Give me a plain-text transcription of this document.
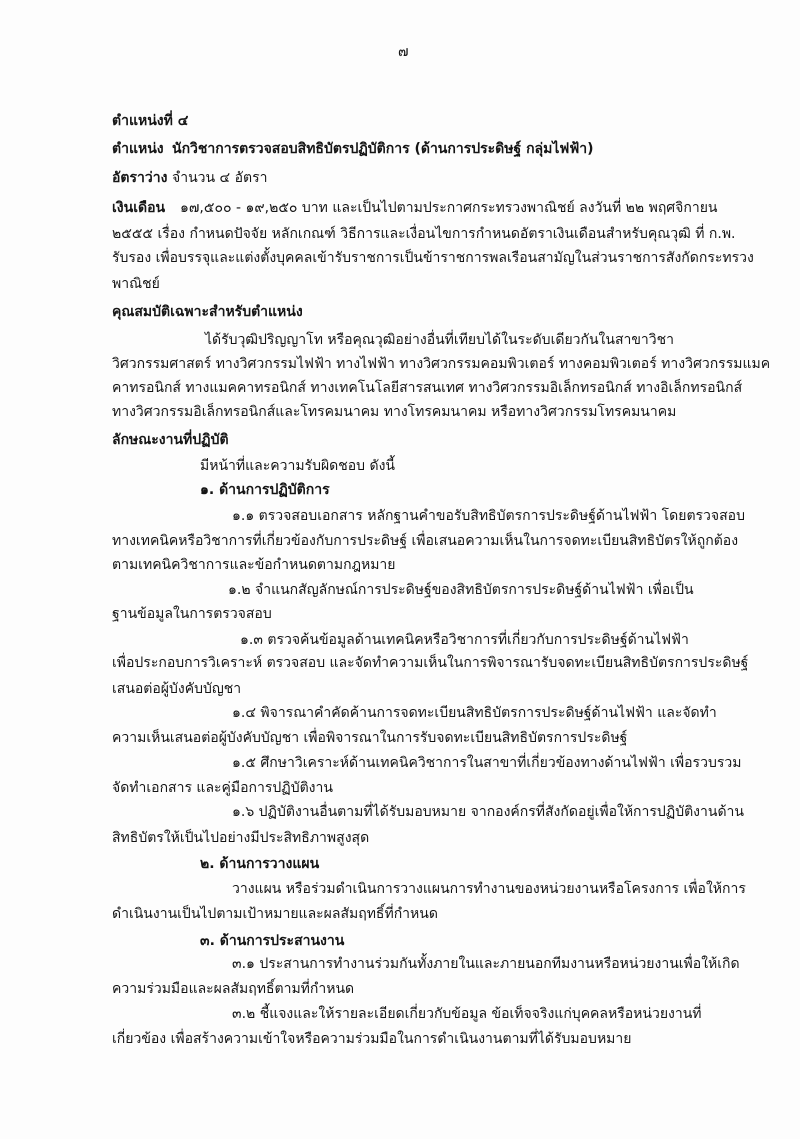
๗
ตำแหน่งที่ ๔
ตำแหน่ง นักวิชาการตรวจสอบสิทธิบัตรปฏิบัติการ (ด้านการประดิษฐ์ กลุ่มไฟฟ้า)
อัตราว่าง จำนวน ๔ อัตรา
เงินเดือน ๑๗,๕๐๐ - ๑๙,๒๕๐ บาท และเป็นไปตามประกาศกระทรวงพาณิชย์ ลงวันที่ ๒๒ พฤศจิกายน
๒๕๕๕ เรื่อง กำหนดปัจจัย หลักเกณฑ์ วิธีการและเงื่อนไขการกำหนดอัตราเงินเดือนสำหรับคุณวุฒิ ที่ ก.พ.
รับรอง เพื่อบรรจุและแต่งตั้งบุคคลเข้ารับราชการเป็นข้าราชการพลเรือนสามัญในส่วนราชการสังกัดกระทรวง
พาณิชย์
คุณสมบัติเฉพาะสำหรับตำแหน่ง
ได้รับวุฒิปริญญาโท หรือคุณวุฒิอย่างอื่นที่เทียบได้ในระดับเดียวกันในสาขาวิชา
วิศวกรรมศาสตร์ ทางวิศวกรรมไฟฟ้า ทางไฟฟ้า ทางวิศวกรรมคอมพิวเตอร์ ทางคอมพิวเตอร์ ทางวิศวกรรมแมค
คาทรอนิกส์ ทางแมคคาทรอนิกส์ ทางเทคโนโลยีสารสนเทศ ทางวิศวกรรมอิเล็กทรอนิกส์ ทางอิเล็กทรอนิกส์
ทางวิศวกรรมอิเล็กทรอนิกส์และโทรคมนาคม ทางโทรคมนาคม หรือทางวิศวกรรมโทรคมนาคม
ลักษณะงานที่ปฏิบัติ
มีหน้าที่และความรับผิดชอบ ดังนี้
๑. ด้านการปฏิบัติการ
๑.๑ ตรวจสอบเอกสาร หลักฐานคำขอรับสิทธิบัตรการประดิษฐ์ด้านไฟฟ้า โดยตรวจสอบ
ทางเทคนิคหรือวิชาการที่เกี่ยวข้องกับการประดิษฐ์ เพื่อเสนอความเห็นในการจดทะเบียนสิทธิบัตรให้ถูกต้อง
ตามเทคนิควิชาการและข้อกำหนดตามกฎหมาย
๑.๒ จำแนกสัญลักษณ์การประดิษฐ์ของสิทธิบัตรการประดิษฐ์ด้านไฟฟ้า เพื่อเป็น
ฐานข้อมูลในการตรวจสอบ
๑.๓ ตรวจค้นข้อมูลด้านเทคนิคหรือวิชาการที่เกี่ยวกับการประดิษฐ์ด้านไฟฟ้า
เพื่อประกอบการวิเคราะห์ ตรวจสอบ และจัดทำความเห็นในการพิจารณารับจดทะเบียนสิทธิบัตรการประดิษฐ์
เสนอต่อผู้บังคับบัญชา
๑.๔ พิจารณาคำคัดค้านการจดทะเบียนสิทธิบัตรการประดิษฐ์ด้านไฟฟ้า และจัดทำ
ความเห็นเสนอต่อผู้บังคับบัญชา เพื่อพิจารณาในการรับจดทะเบียนสิทธิบัตรการประดิษฐ์
๑.๕ ศึกษาวิเคราะห์ด้านเทคนิควิชาการในสาขาที่เกี่ยวข้องทางด้านไฟฟ้า เพื่อรวบรวม
จัดทำเอกสาร และคู่มือการปฏิบัติงาน
๑.๖ ปฏิบัติงานอื่นตามที่ได้รับมอบหมาย จากองค์กรที่สังกัดอยู่เพื่อให้การปฏิบัติงานด้าน
สิทธิบัตรให้เป็นไปอย่างมีประสิทธิภาพสูงสุด
๒. ด้านการวางแผน
วางแผน หรือร่วมดำเนินการวางแผนการทำงานของหน่วยงานหรือโครงการ เพื่อให้การ
ดำเนินงานเป็นไปตามเป้าหมายและผลสัมฤทธิ์ที่กำหนด
๓. ด้านการประสานงาน
๓.๑ ประสานการทำงานร่วมกันทั้งภายในและภายนอกทีมงานหรือหน่วยงานเพื่อให้เกิด
ความร่วมมือและผลสัมฤทธิ์ตามที่กำหนด
๓.๒ ชี้แจงและให้รายละเอียดเกี่ยวกับข้อมูล ข้อเท็จจริงแก่บุคคลหรือหน่วยงานที่
เกี่ยวข้อง เพื่อสร้างความเข้าใจหรือความร่วมมือในการดำเนินงานตามที่ได้รับมอบหมาย
